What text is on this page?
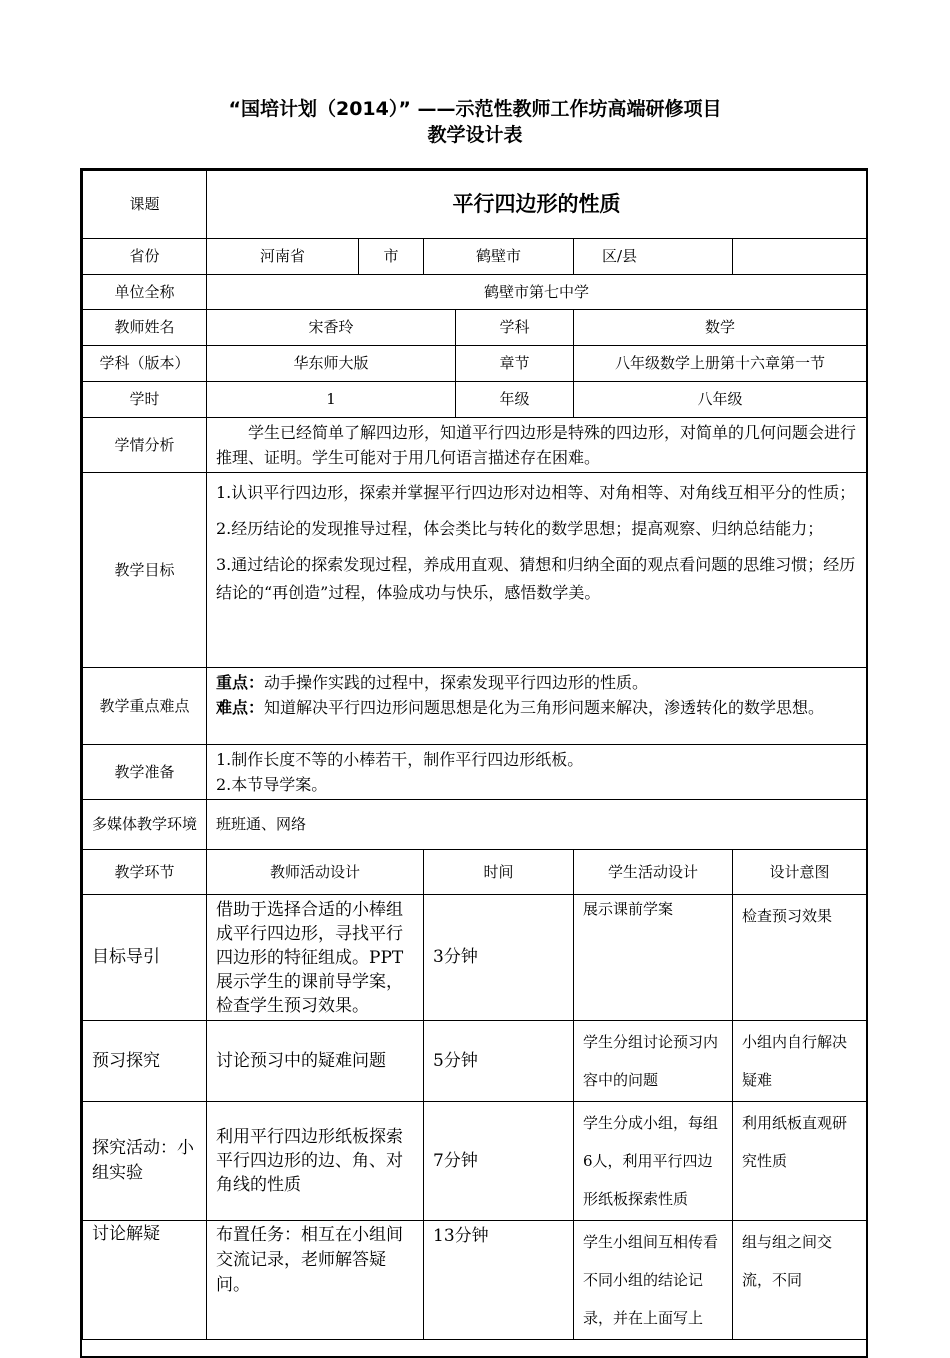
“国培计划（2014）” ——示范性教师工作坊高端研修项目
教学设计表
课题	平行四边形的性质					
省份	河南省	市	鹤壁市		区/县	
单位全称	鹤壁市第七中学					
教师姓名	宋香玲			学科	数学	
学科（版本）	华东师大版			章节	八年级数学上册第十六章第一节	
学时	1			年级	八年级	
学情分析	学生已经简单了解四边形，知道平行四边形是特殊的四边形，对简单的几何问题会进行推理、证明。学生可能对于用几何语言描述存在困难。					
教学目标	1.认识平行四边形，探索并掌握平行四边形对边相等、对角相等、对角线互相平分的性质；

2.经历结论的发现推导过程，体会类比与转化的数学思想；提高观察、归纳总结能力；

3.通过结论的探索发现过程，养成用直观、猜想和归纳全面的观点看问题的思维习惯；经历结论的“再创造”过程，体验成功与快乐，感悟数学美。					

教学重点难点	重点：动手操作实践的过程中，探索发现平行四边形的性质。

难点：知道解决平行四边形问题思想是化为三角形问题来解决，渗透转化的数学思想。					

教学准备	1.制作长度不等的小棒若干，制作平行四边形纸板。

2.本节导学案。					

多媒体教学环境	班班通、网络					
教学环节	教师活动设计		时间		学生活动设计	设计意图
目标导引	借助于选择合适的小棒组成平行四边形，寻找平行四边形的特征组成。PPT展示学生的课前导学案，检查学生预习效果。		3分钟		展示课前学案	检查预习效果
预习探究	讨论预习中的疑难问题		5分钟		学生分组讨论预习内容中的问题	小组内自行解决疑难
探究活动：小组实验	利用平行四边形纸板探索平行四边形的边、角、对角线的性质		7分钟		学生分成小组，每组6人，利用平行四边形纸板探索性质	利用纸板直观研究性质
讨论解疑	布置任务：相互在小组间交流记录，老师解答疑问。		13分钟		学生小组间互相传看不同小组的结论记录，并在上面写上	组与组之间交流，不同
